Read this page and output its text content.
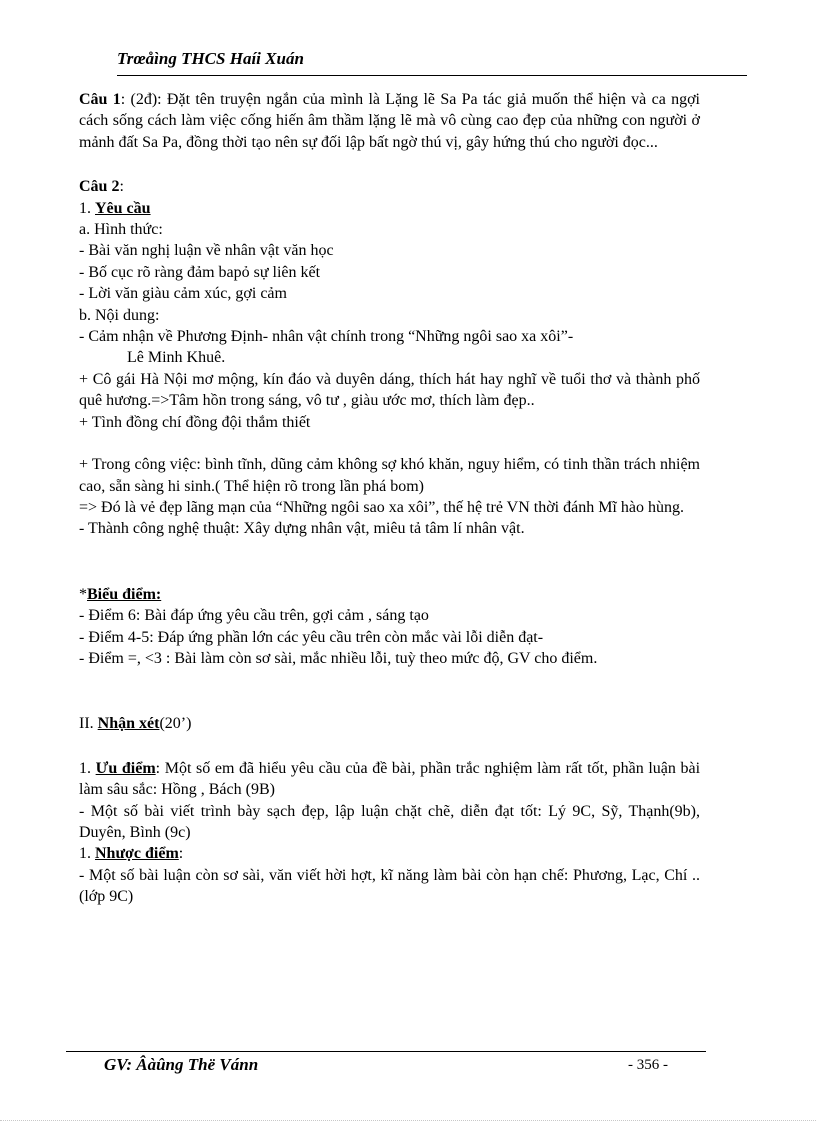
Trœåìng THCS Haíi Xuán

Câu 1: (2đ): Đặt tên truyện ngắn của mình là Lặng lẽ Sa Pa tác giả muốn thể hiện và ca ngợi cách sống cách làm việc cống hiến âm thầm lặng lẽ mà vô cùng cao đẹp của những con người ở mảnh đất Sa Pa, đồng thời tạo nên sự đối lập bất ngờ thú vị, gây hứng thú cho người đọc...

Câu 2:

1. Yêu cầu

a. Hình thức:

- Bài văn nghị luận về nhân vật văn học

- Bố cục rõ ràng đảm bapỏ sự liên kết

- Lời văn giàu cảm xúc, gợi cảm

b. Nội dung:

- Cảm nhận về Phương Định- nhân vật chính trong “Những ngôi sao xa xôi”-

Lê Minh Khuê.

+ Cô gái Hà Nội mơ mộng, kín đáo và duyên dáng, thích hát hay nghĩ về tuổi thơ và thành phố quê hương.=>Tâm hồn trong sáng, vô tư , giàu ước mơ, thích làm đẹp..

+ Tình đồng chí đồng đội thắm thiết

+ Trong công việc: bình tĩnh, dũng cảm không sợ khó khăn, nguy hiểm, có tinh thần trách nhiệm cao, sẵn sàng hi sinh.( Thể hiện rõ trong lần phá bom)

=> Đó là vẻ đẹp lãng mạn của “Những ngôi sao xa xôi”, thế hệ trẻ VN thời đánh Mĩ hào hùng.

- Thành công nghệ thuật: Xây dựng nhân vật, miêu tả tâm lí nhân vật.

*Biểu điểm:

- Điểm 6: Bài đáp ứng yêu cầu trên, gợi cảm , sáng tạo

- Điểm 4-5: Đáp ứng phần lớn các yêu cầu trên còn mắc vài lỗi diễn đạt-

- Điểm =, <3 : Bài làm còn sơ sài, mắc nhiều lỗi, tuỳ theo mức độ, GV cho điểm.

II. Nhận xét(20’)

1. Ưu điểm: Một số em đã hiểu yêu cầu của đề bài, phần trắc nghiệm làm rất tốt, phần luận bài làm sâu sắc: Hồng , Bách (9B)

- Một số bài viết trình bày sạch đẹp, lập luận chặt chẽ, diễn đạt tốt: Lý 9C, Sỹ, Thạnh(9b), Duyên, Bình (9c)

1. Nhược điểm:

- Một số bài luận còn sơ sài, văn viết hời hợt, kĩ năng làm bài còn hạn chế: Phương, Lạc, Chí ..(lớp 9C)

GV: Âàûng Thë Vánn	- 356 -
